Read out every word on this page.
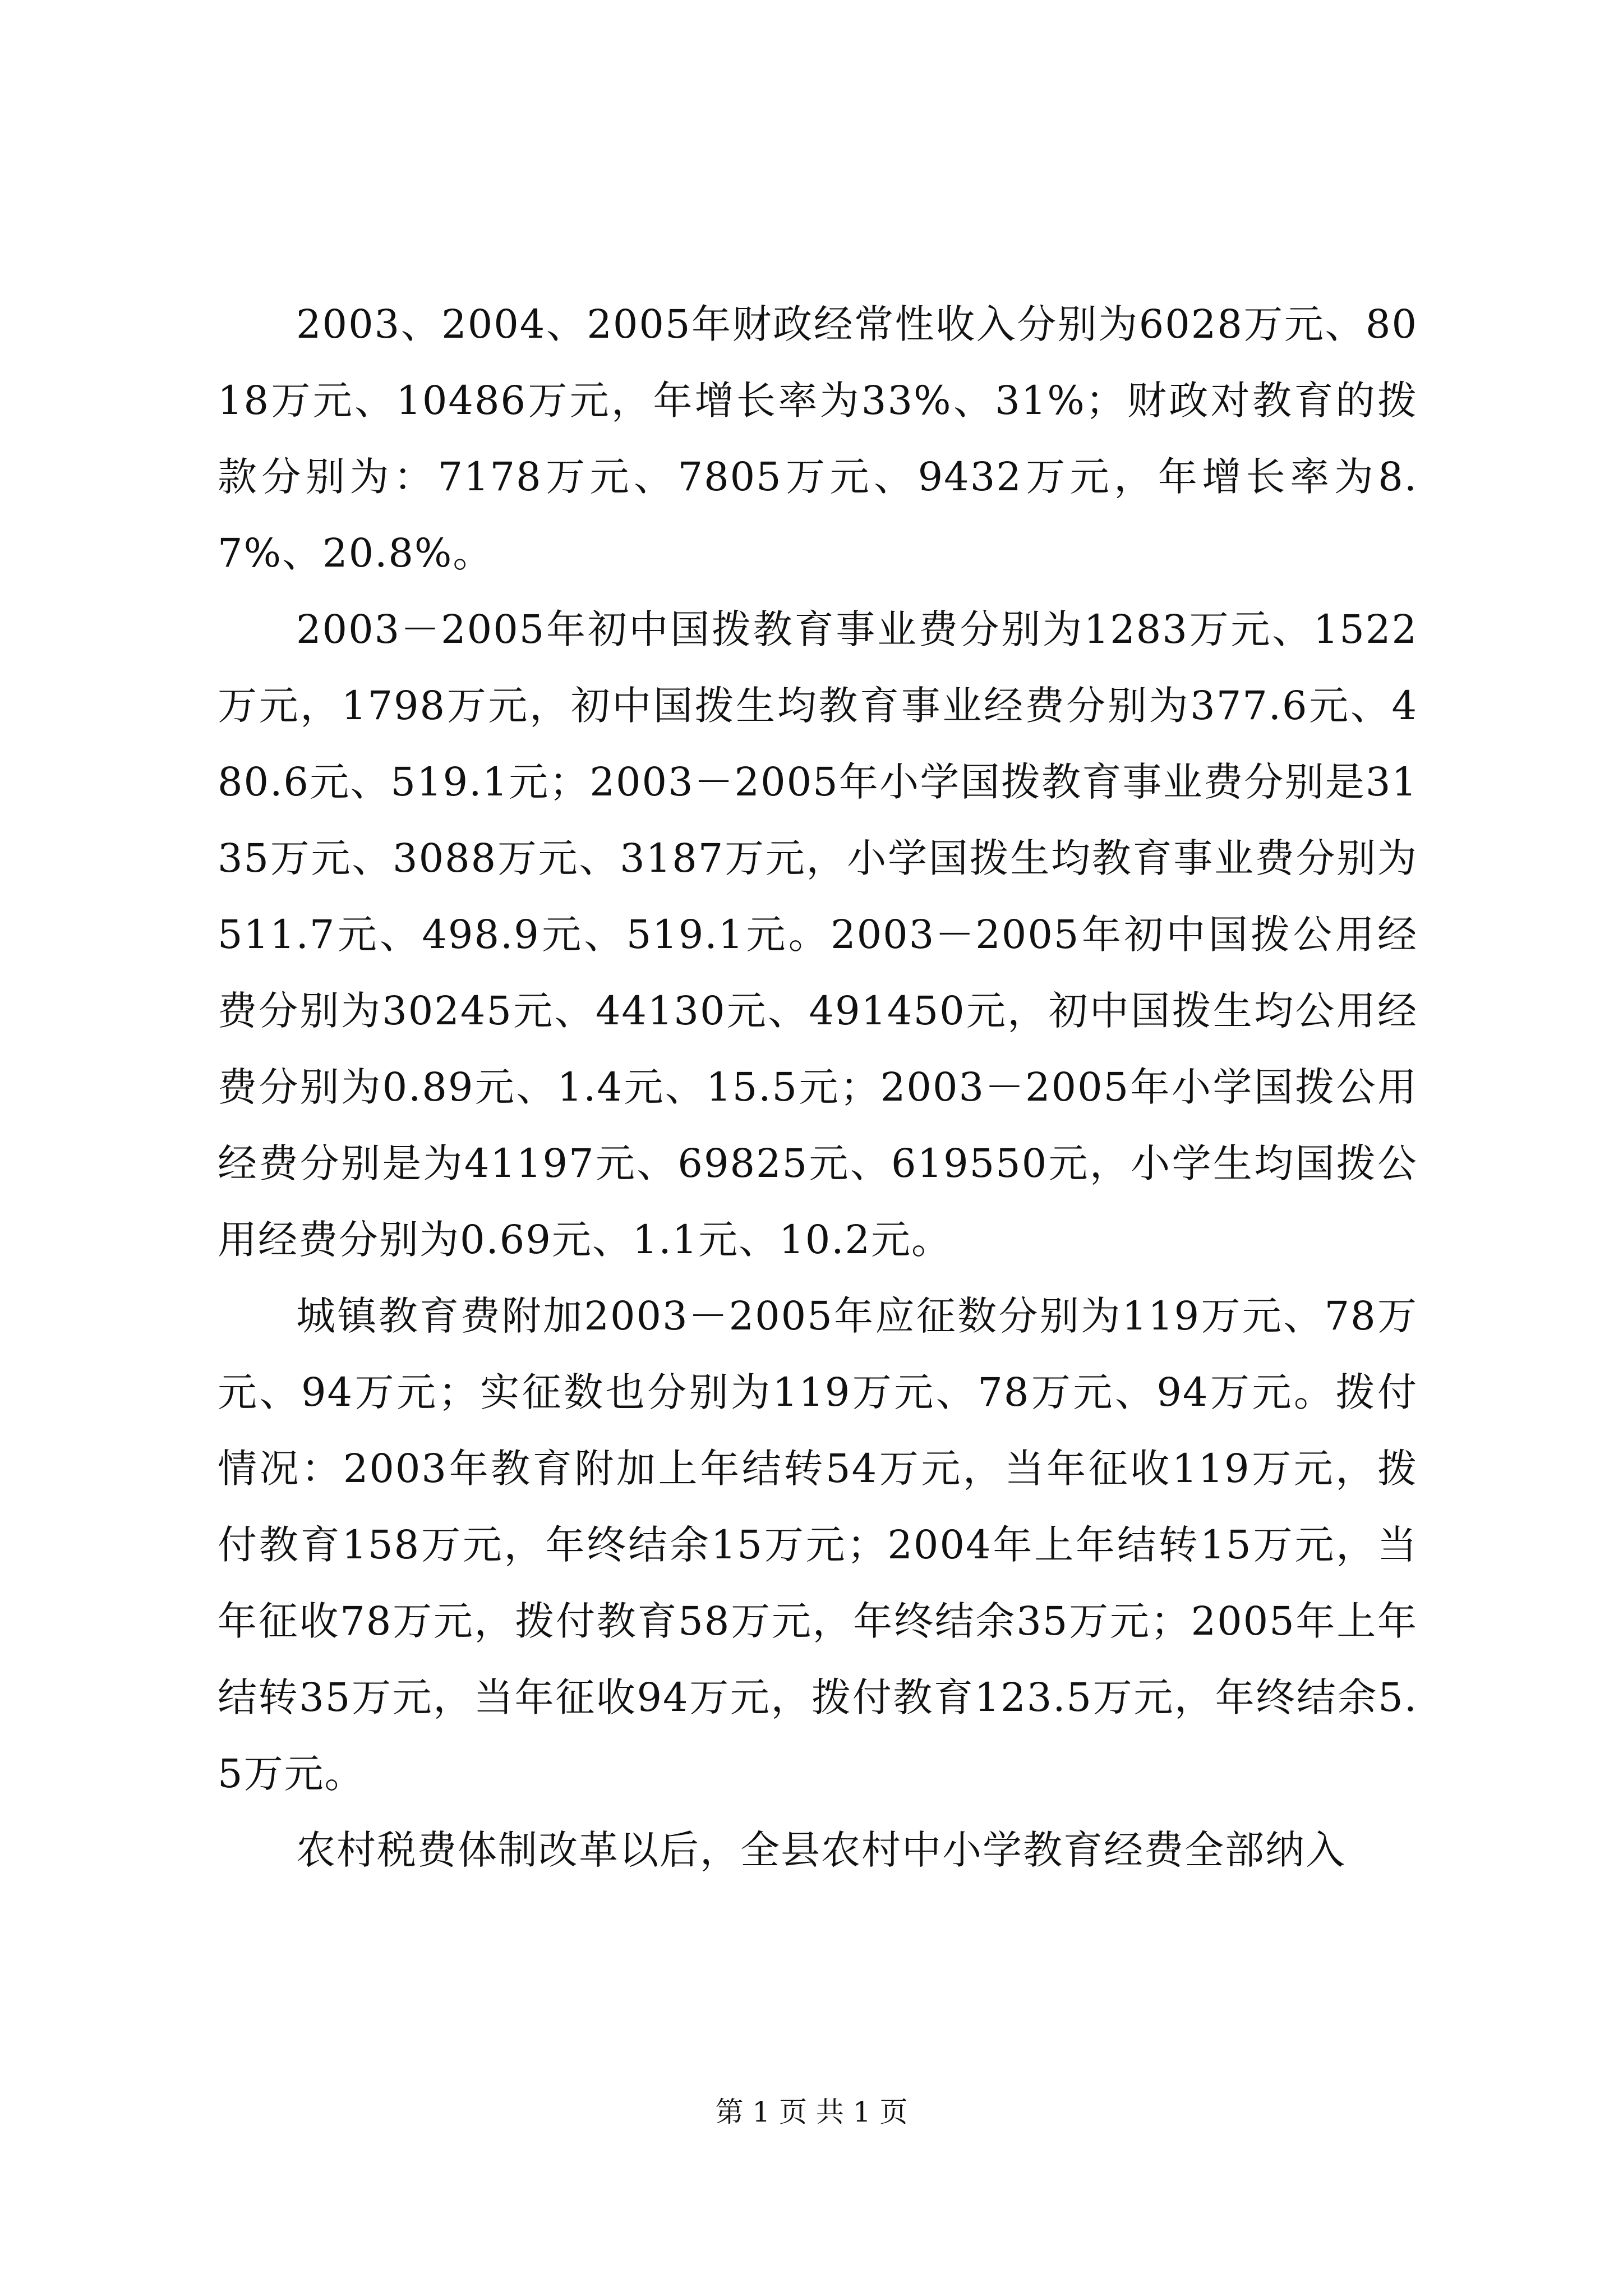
2003、2004、2005年财政经常性收入分别为6028万元、8018万元、10486万元，年增长率为33%、31%；财政对教育的拨款分别为：7178万元、7805万元、9432万元，年增长率为8.7%、20.8%。

2003－2005年初中国拨教育事业费分别为1283万元、1522万元，1798万元，初中国拨生均教育事业经费分别为377.6元、480.6元、519.1元；2003－2005年小学国拨教育事业费分别是3135万元、3088万元、3187万元，小学国拨生均教育事业费分别为511.7元、498.9元、519.1元。2003－2005年初中国拨公用经费分别为30245元、44130元、491450元，初中国拨生均公用经费分别为0.89元、1.4元、15.5元；2003－2005年小学国拨公用经费分别是为41197元、69825元、619550元，小学生均国拨公用经费分别为0.69元、1.1元、10.2元。

城镇教育费附加2003－2005年应征数分别为119万元、78万元、94万元；实征数也分别为119万元、78万元、94万元。拨付情况：2003年教育附加上年结转54万元，当年征收119万元，拨付教育158万元，年终结余15万元；2004年上年结转15万元，当年征收78万元，拨付教育58万元，年终结余35万元；2005年上年结转35万元，当年征收94万元，拨付教育123.5万元，年终结余5.5万元。

农村税费体制改革以后，全县农村中小学教育经费全部纳入

第 1 页 共 1 页
